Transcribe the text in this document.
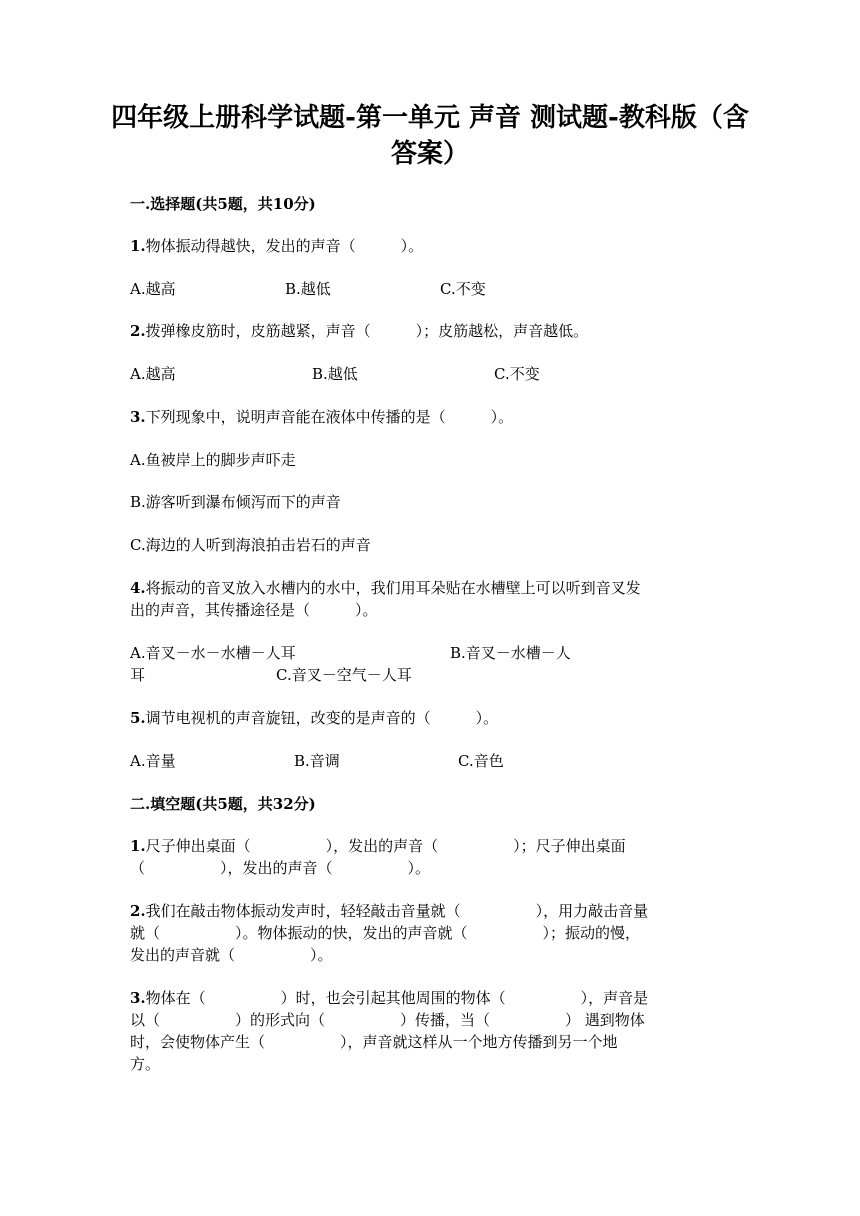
四年级上册科学试题-第一单元 声音 测试题-教科版（含答案）
一.选择题(共5题，共10分)
1.物体振动得越快，发出的声音（　　　）。
A.越高	B.越低	C.不变
2.拨弹橡皮筋时，皮筋越紧，声音（　　　）；皮筋越松，声音越低。
A.越高	B.越低	C.不变
3.下列现象中，说明声音能在液体中传播的是（　　　）。
A.鱼被岸上的脚步声吓走
B.游客听到瀑布倾泻而下的声音
C.海边的人听到海浪拍击岩石的声音
4.将振动的音叉放入水槽内的水中，我们用耳朵贴在水槽壁上可以听到音叉发
出的声音，其传播途径是（　　　）。
A.音叉－水－水槽－人耳	B.音叉－水槽－人
耳	C.音叉－空气－人耳
5.调节电视机的声音旋钮，改变的是声音的（　　　）。
A.音量	B.音调	C.音色
二.填空题(共5题，共32分)
1.尺子伸出桌面（　　　　　），发出的声音（　　　　　）；尺子伸出桌面
（　　　　　），发出的声音（　　　　　）。
2.我们在敲击物体振动发声时，轻轻敲击音量就（　　　　　），用力敲击音量
就（　　　　　）。物体振动的快，发出的声音就（　　　　　）；振动的慢，
发出的声音就（　　　　　）。
3.物体在（　　　　　）时，也会引起其他周围的物体（　　　　　），声音是
以（　　　　　）的形式向（　　　　　）传播，当（　　　　　） 遇到物体
时，会使物体产生（　　　　　），声音就这样从一个地方传播到另一个地
方。
